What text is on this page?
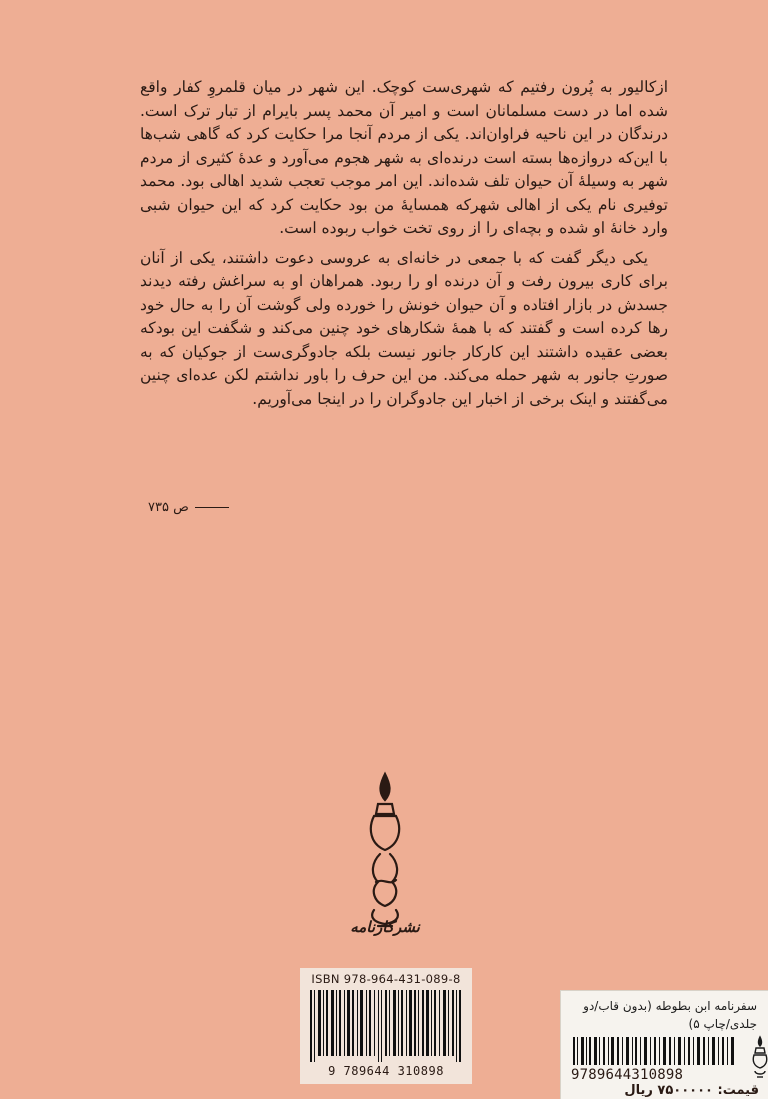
ازکالیور به پُرون رفتیم که شهری‌ست کوچک. این شهر در میان قلمروِ کفار واقع شده اما در دست مسلمانان است و امیر آن محمد پسر بایرام از تبار ترک است. درندگان در این ناحیه فراوان‌اند. یکی از مردم آنجا مرا حکایت کرد که گاهی شب‌ها با این‌که دروازه‌ها بسته است درنده‌ای به شهر هجوم می‌آورد و عدهٔ کثیری از مردم شهر به وسیلهٔ آن حیوان تلف شده‌اند. این امر موجب تعجب شدید اهالی بود. محمد توفیری نام یکی از اهالی شهرکه همسایهٔ من بود حکایت کرد که این حیوان شبی وارد خانهٔ او شده و بچه‌ای را از روی تخت خواب ربوده است.

یکی دیگر گفت که با جمعی در خانه‌ای به عروسی دعوت داشتند، یکی از آنان برای کاری بیرون رفت و آن درنده او را ربود. همراهان او به سراغش رفته دیدند جسدش در بازار افتاده و آن حیوان خونش را خورده ولی گوشت آن را به حال خود رها کرده است و گفتند که با همهٔ شکارهای خود چنین می‌کند و شگفت این بودکه بعضی عقیده داشتند این کارکار جانور نیست بلکه جادوگری‌ست از جوکیان که به صورتِ جانور به شهر حمله می‌کند. من این حرف را باور نداشتم لکن عده‌ای چنین می‌گفتند و اینک برخی از اخبار این جادوگران را در اینجا می‌آوریم.

ص ۷۳۵
نشرکارنامه
ISBN 978-964-431-089-8
9 789644 310898
سفرنامه ابن بطوطه (بدون قاب/دو
جلدی/چاپ ۵)
9789644310898
قیمت: ۷۵۰۰۰۰۰ ریال
